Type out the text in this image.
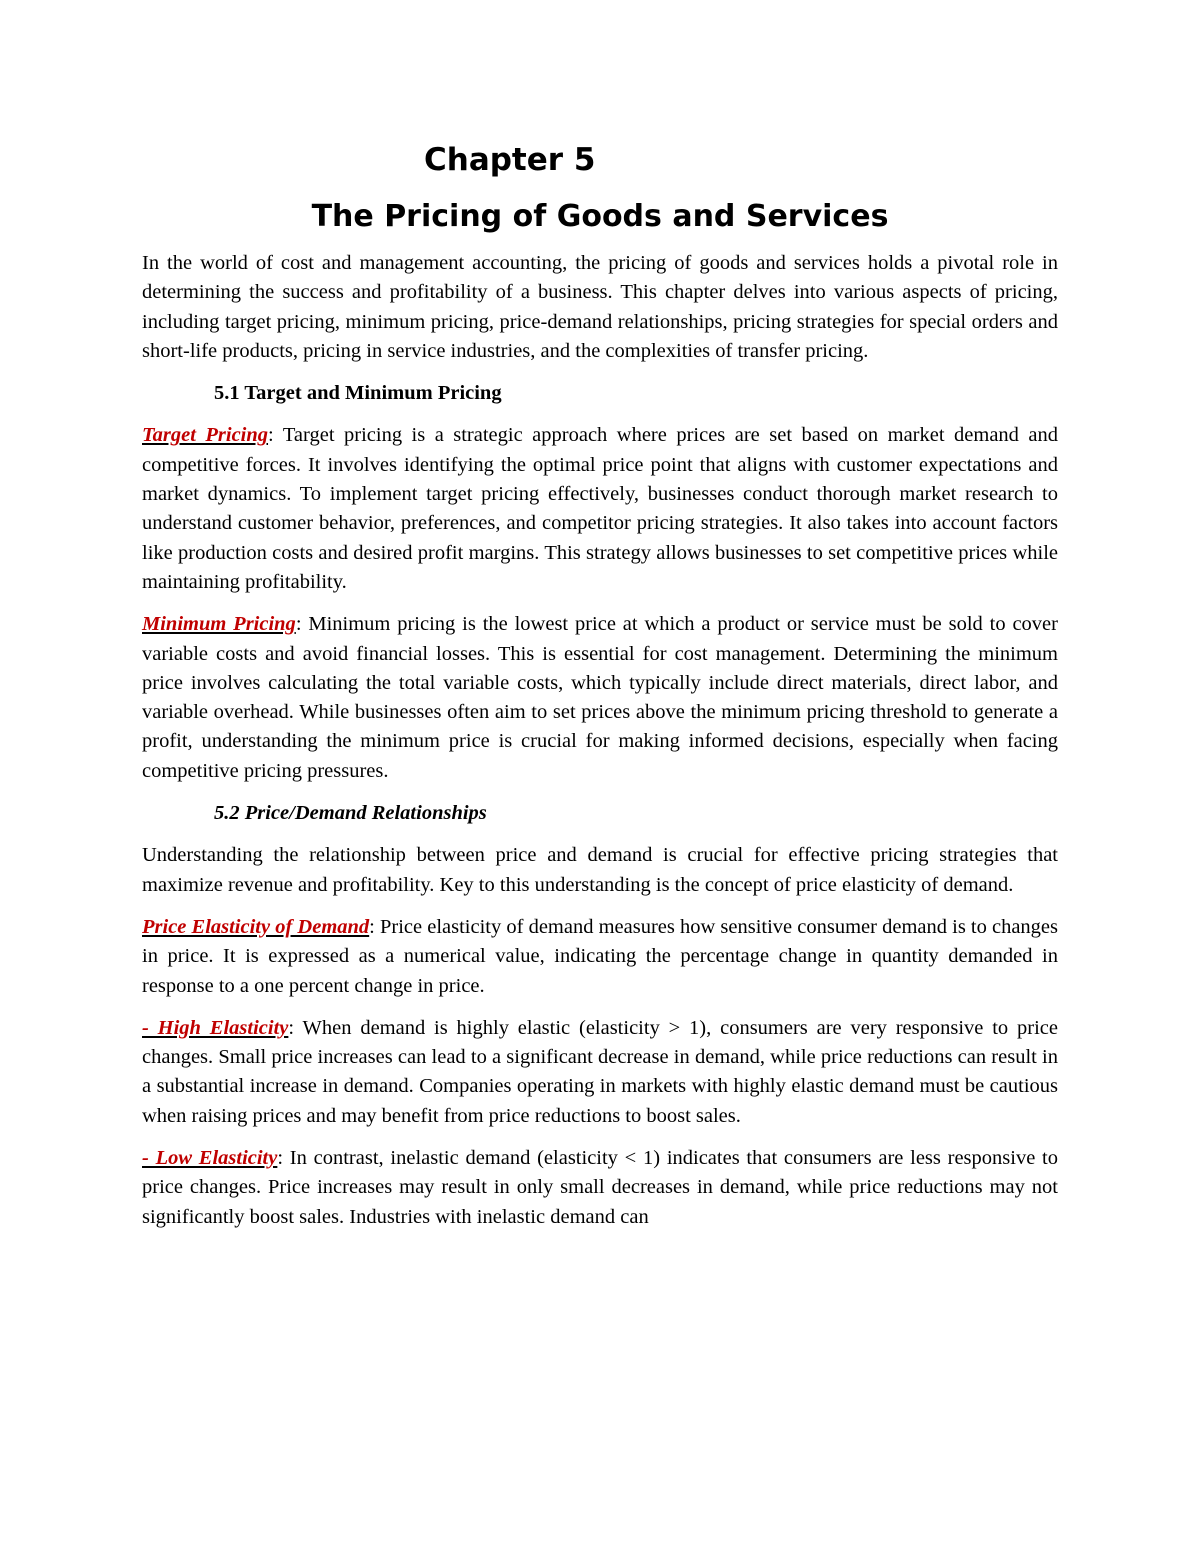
Chapter 5
The Pricing of Goods and Services

In the world of cost and management accounting, the pricing of goods and services holds a pivotal role in determining the success and profitability of a business. This chapter delves into various aspects of pricing, including target pricing, minimum pricing, price-demand relationships, pricing strategies for special orders and short-life products, pricing in service industries, and the complexities of transfer pricing.

5.1 Target and Minimum Pricing

Target Pricing: Target pricing is a strategic approach where prices are set based on market demand and competitive forces. It involves identifying the optimal price point that aligns with customer expectations and market dynamics. To implement target pricing effectively, businesses conduct thorough market research to understand customer behavior, preferences, and competitor pricing strategies. It also takes into account factors like production costs and desired profit margins. This strategy allows businesses to set competitive prices while maintaining profitability.

Minimum Pricing: Minimum pricing is the lowest price at which a product or service must be sold to cover variable costs and avoid financial losses. This is essential for cost management. Determining the minimum price involves calculating the total variable costs, which typically include direct materials, direct labor, and variable overhead. While businesses often aim to set prices above the minimum pricing threshold to generate a profit, understanding the minimum price is crucial for making informed decisions, especially when facing competitive pricing pressures.

5.2 Price/Demand Relationships

Understanding the relationship between price and demand is crucial for effective pricing strategies that maximize revenue and profitability. Key to this understanding is the concept of price elasticity of demand.

Price Elasticity of Demand: Price elasticity of demand measures how sensitive consumer demand is to changes in price. It is expressed as a numerical value, indicating the percentage change in quantity demanded in response to a one percent change in price.

- High Elasticity: When demand is highly elastic (elasticity > 1), consumers are very responsive to price changes. Small price increases can lead to a significant decrease in demand, while price reductions can result in a substantial increase in demand. Companies operating in markets with highly elastic demand must be cautious when raising prices and may benefit from price reductions to boost sales.

- Low Elasticity: In contrast, inelastic demand (elasticity < 1) indicates that consumers are less responsive to price changes. Price increases may result in only small decreases in demand, while price reductions may not significantly boost sales. Industries with inelastic demand can
